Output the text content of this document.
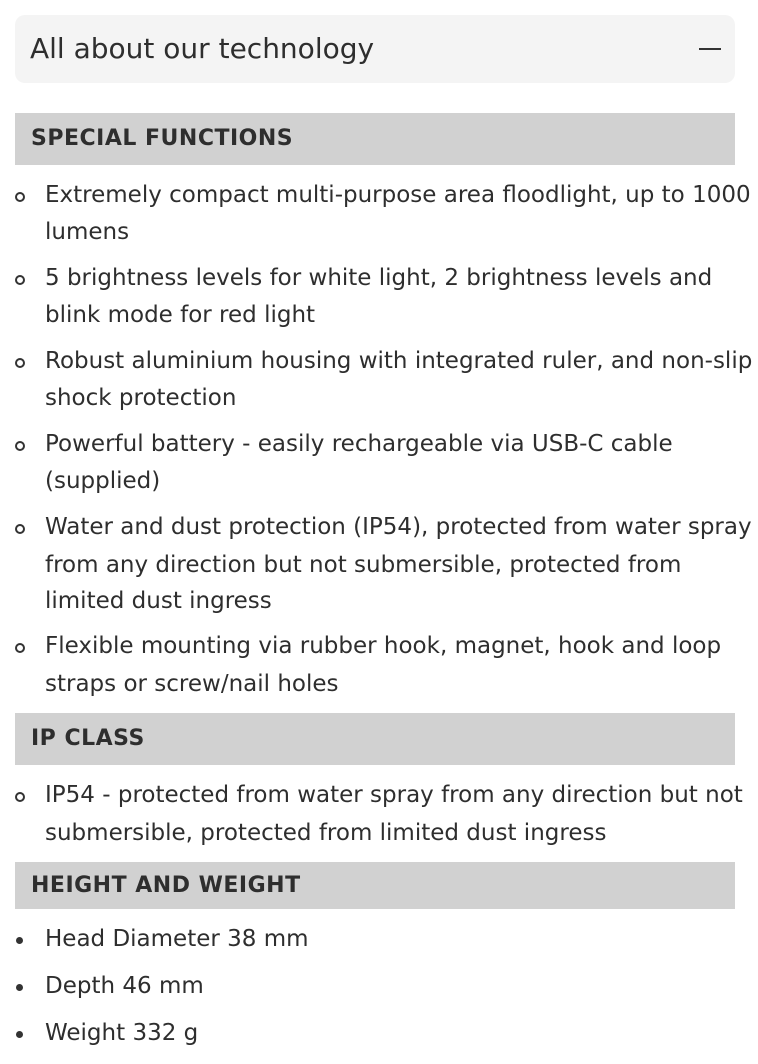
All about our technology
SPECIAL FUNCTIONS
Extremely compact multi-purpose area floodlight, up to 1000
lumens
5 brightness levels for white light, 2 brightness levels and
blink mode for red light
Robust aluminium housing with integrated ruler, and non-slip
shock protection
Powerful battery - easily rechargeable via USB-C cable
(supplied)
Water and dust protection (IP54), protected from water spray
from any direction but not submersible, protected from
limited dust ingress
Flexible mounting via rubber hook, magnet, hook and loop
straps or screw/nail holes
IP CLASS
IP54 - protected from water spray from any direction but not
submersible, protected from limited dust ingress
HEIGHT AND WEIGHT
Head Diameter 38 mm
Depth 46 mm
Weight 332 g
